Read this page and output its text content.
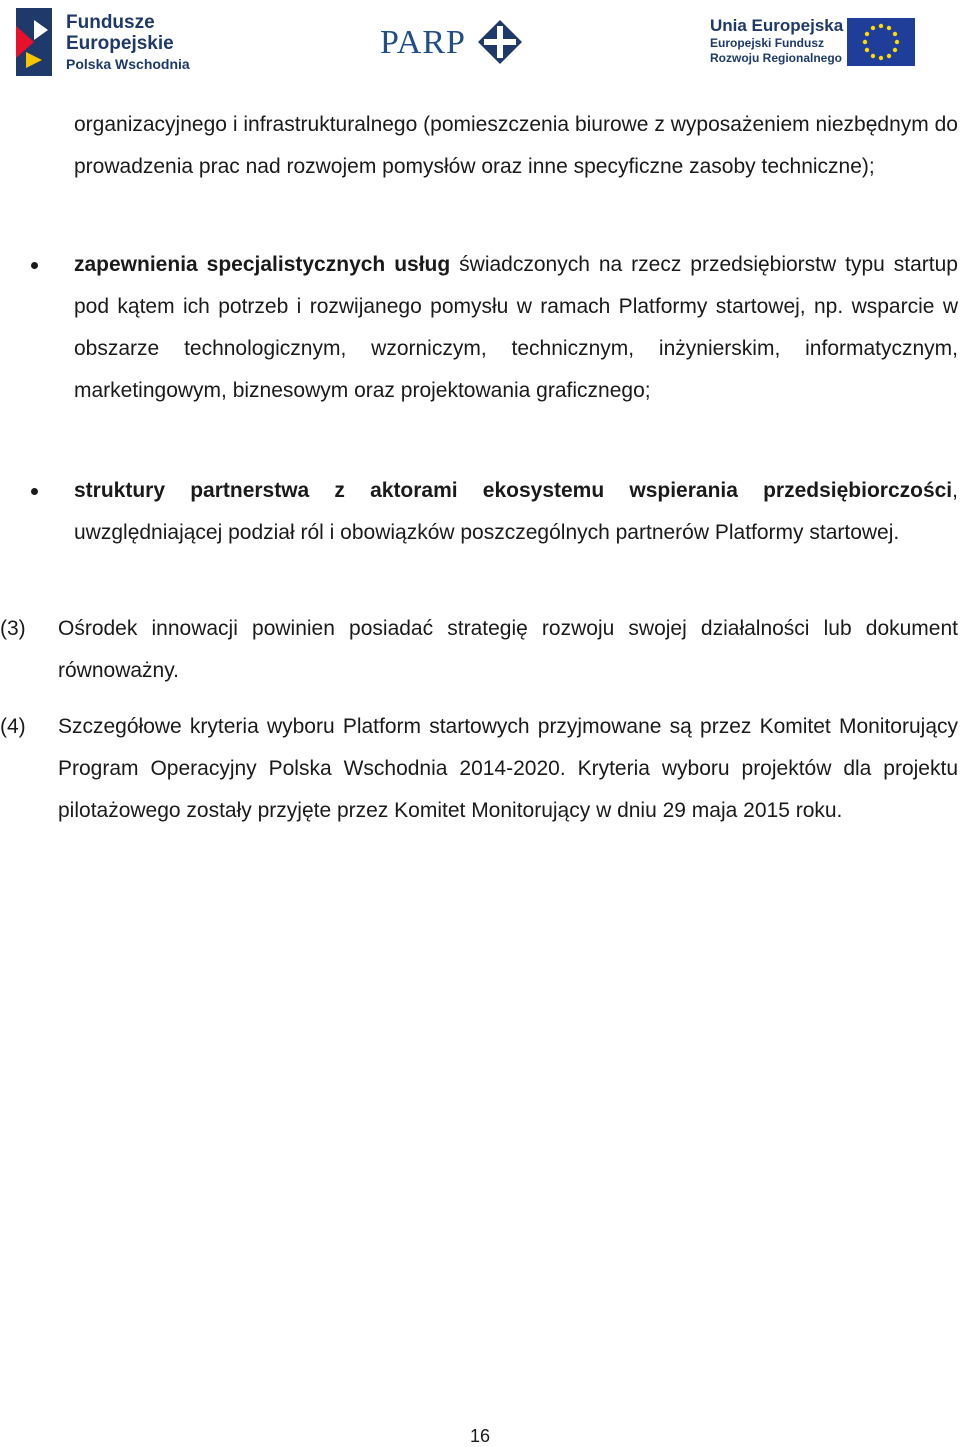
Fundusze
Europejskie
Polska Wschodnia
PARP	Unia Europejska
Europejski Fundusz
Rozwoju Regionalnego
organizacyjnego i infrastrukturalnego (pomieszczenia biurowe z wyposażeniem niezbędnym do prowadzenia prac nad rozwojem pomysłów oraz inne specyficzne zasoby techniczne);
zapewnienia specjalistycznych usług świadczonych na rzecz przedsiębiorstw typu startup pod kątem ich potrzeb i rozwijanego pomysłu w ramach Platformy startowej, np. wsparcie w obszarze technologicznym, wzorniczym, technicznym, inżynierskim, informatycznym, marketingowym, biznesowym oraz projektowania graficznego;
struktury partnerstwa z aktorami ekosystemu wspierania przedsiębiorczości, uwzględniającej podział ról i obowiązków poszczególnych partnerów Platformy startowej.
(3) Ośrodek innowacji powinien posiadać strategię rozwoju swojej działalności lub dokument równoważny.
(4) Szczegółowe kryteria wyboru Platform startowych przyjmowane są przez Komitet Monitorujący Program Operacyjny Polska Wschodnia 2014-2020. Kryteria wyboru projektów dla projektu pilotażowego zostały przyjęte przez Komitet Monitorujący w dniu 29 maja 2015 roku.
16
